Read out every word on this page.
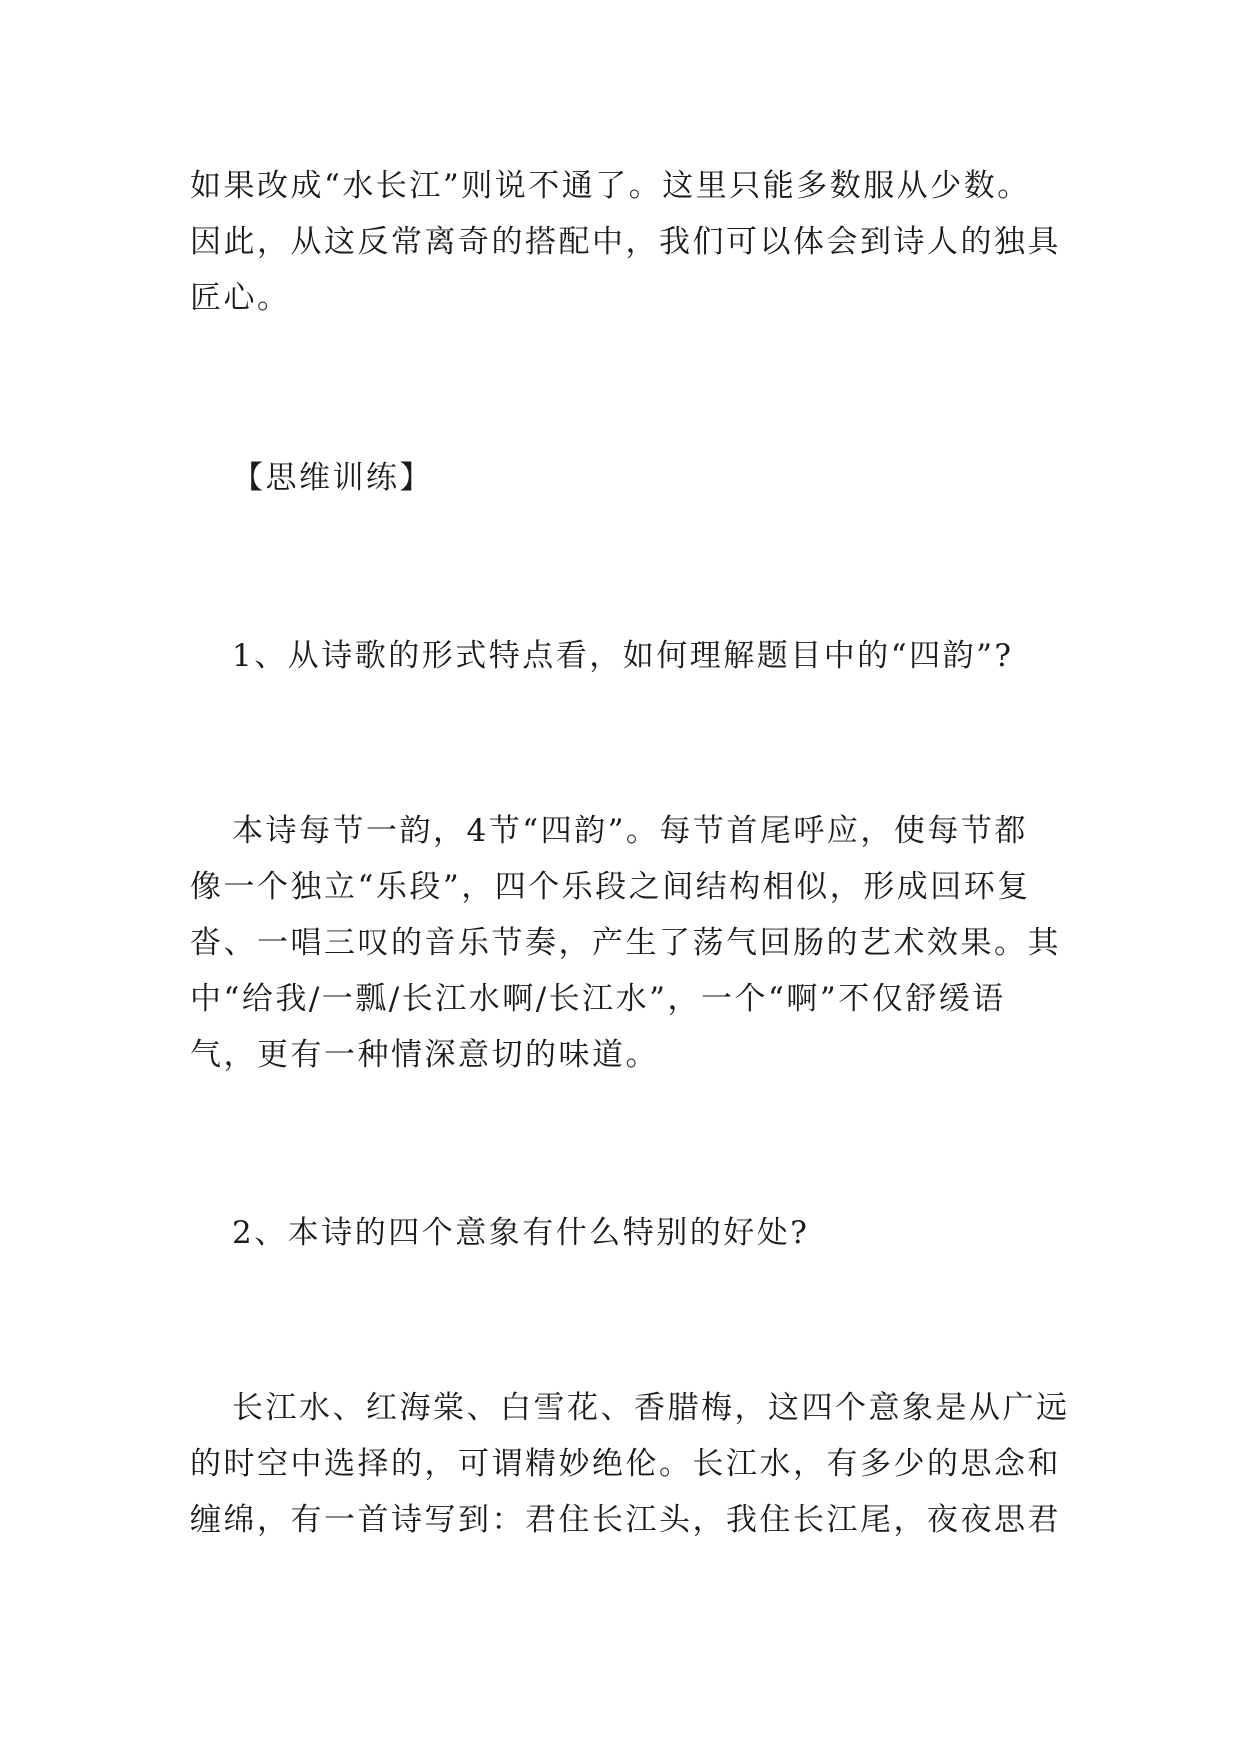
如果改成“水长江”则说不通了。这里只能多数服从少数。
因此，从这反常离奇的搭配中，我们可以体会到诗人的独具
匠心。

【思维训练】

1、从诗歌的形式特点看，如何理解题目中的“四韵”?

本诗每节一韵，4节“四韵”。每节首尾呼应，使每节都
像一个独立“乐段”，四个乐段之间结构相似，形成回环复
沓、一唱三叹的音乐节奏，产生了荡气回肠的艺术效果。其
中“给我/一瓢/长江水啊/长江水”，一个“啊”不仅舒缓语
气，更有一种情深意切的味道。

2、本诗的四个意象有什么特别的好处?

长江水、红海棠、白雪花、香腊梅，这四个意象是从广远
的时空中选择的，可谓精妙绝伦。长江水，有多少的思念和
缠绵，有一首诗写到：君住长江头，我住长江尾，夜夜思君
